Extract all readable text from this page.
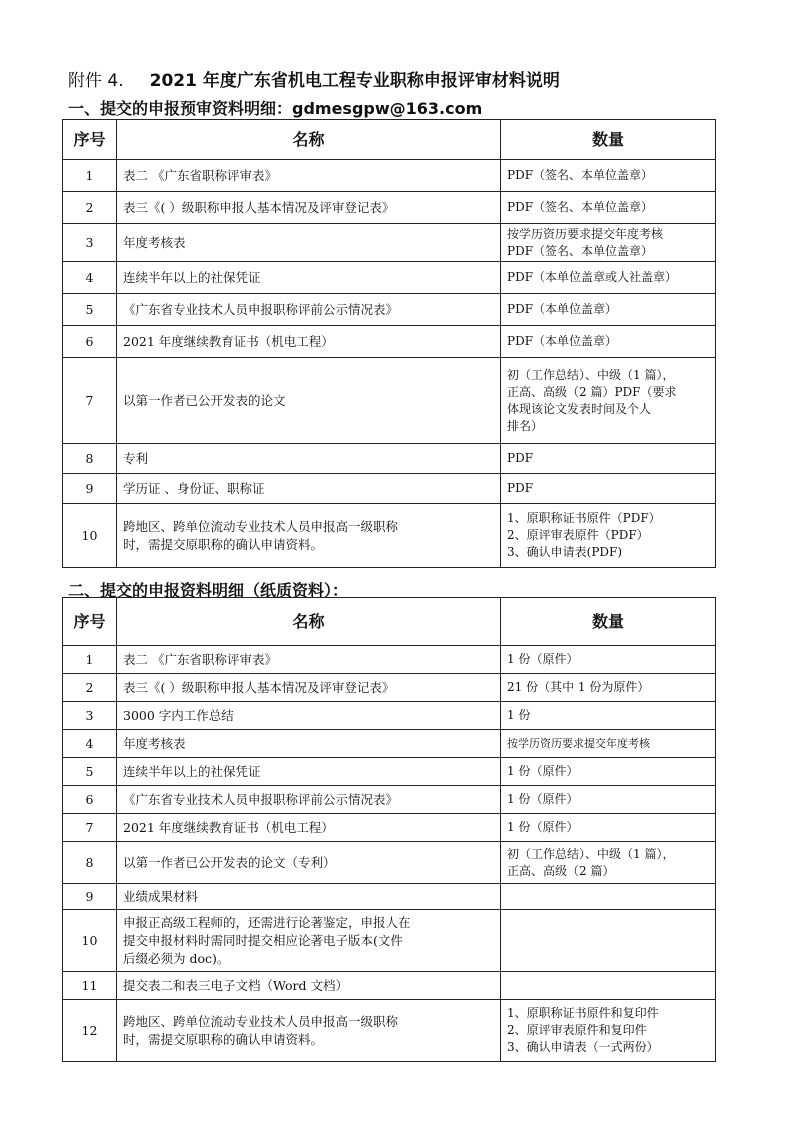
附件 4. 2021 年度广东省机电工程专业职称申报评审材料说明
一、提交的申报预审资料明细：gdmesgpw@163.com
序号	名称	数量
1	表二 《广东省职称评审表》	PDF（签名、本单位盖章）

2	表三《( ）级职称申报人基本情况及评审登记表》	PDF（签名、本单位盖章）

3	年度考核表	按学历资历要求提交年度考核
PDF（签名、本单位盖章）

4	连续半年以上的社保凭证	PDF（本单位盖章或人社盖章）

5	《广东省专业技术人员申报职称评前公示情况表》	PDF（本单位盖章）

6	2021 年度继续教育证书（机电工程）	PDF（本单位盖章）

7	以第一作者已公开发表的论文	初（工作总结）、中级（1 篇），
正高、高级（2 篇）PDF（要求
体现该论文发表时间及个人
排名）

8	专利	PDF

9	学历证 、身份证、职称证	PDF

10	跨地区、跨单位流动专业技术人员申报高一级职称
时，需提交原职称的确认申请资料。	1、原职称证书原件（PDF）
2、原评审表原件（PDF）
3、确认申请表(PDF)
二、提交的申报资料明细（纸质资料）：
序号	名称	数量
1	表二 《广东省职称评审表》	1 份（原件）

2	表三《( ）级职称申报人基本情况及评审登记表》	21 份（其中 1 份为原件）

3	3000 字内工作总结	1 份

4	年度考核表	按学历资历要求提交年度考核

5	连续半年以上的社保凭证	1 份（原件）

6	《广东省专业技术人员申报职称评前公示情况表》	1 份（原件）

7	2021 年度继续教育证书（机电工程）	1 份（原件）

8	以第一作者已公开发表的论文（专利）	初（工作总结）、中级（1 篇），
正高、高级（2 篇）

9	业绩成果材料	

10	申报正高级工程师的，还需进行论著鉴定，申报人在
提交申报材料时需同时提交相应论著电子版本(文件
后缀必须为 doc)。	

11	提交表二和表三电子文档（Word 文档）	

12	跨地区、跨单位流动专业技术人员申报高一级职称
时，需提交原职称的确认申请资料。	1、原职称证书原件和复印件
2、原评审表原件和复印件
3、确认申请表（一式两份）
